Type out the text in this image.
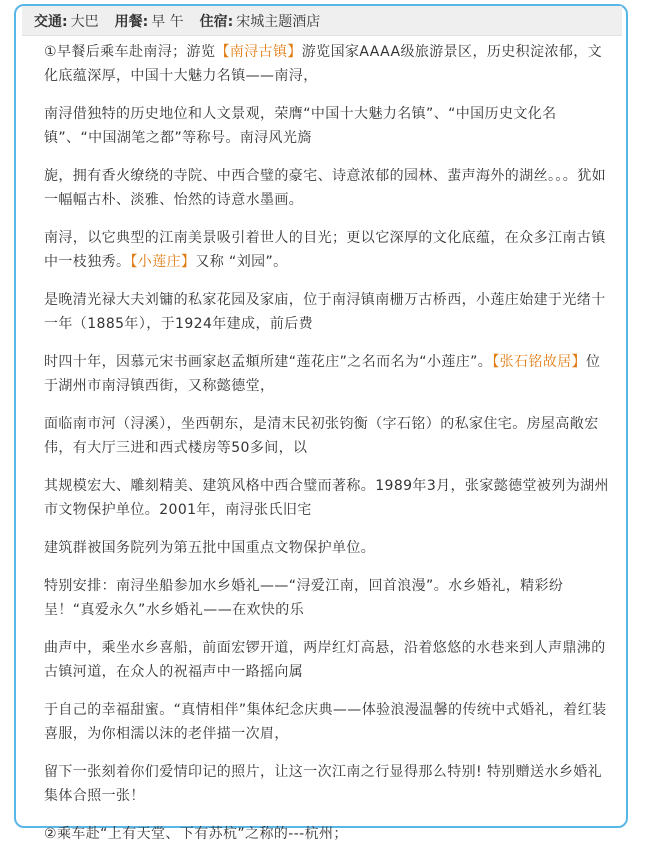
交通: 大巴 用餐: 早 午 住宿: 宋城主题酒店

①早餐后乘车赴南浔；游览【南浔古镇】游览国家AAAA级旅游景区，历史积淀浓郁，文化底蕴深厚，中国十大魅力名镇——南浔，

南浔借独特的历史地位和人文景观，荣膺“中国十大魅力名镇”、“中国历史文化名镇”、“中国湖笔之都”等称号。南浔风光旖

旎，拥有香火缭绕的寺院、中西合璧的豪宅、诗意浓郁的园林、蜚声海外的湖丝。。。犹如一幅幅古朴、淡雅、怡然的诗意水墨画。

南浔，以它典型的江南美景吸引着世人的目光；更以它深厚的文化底蕴，在众多江南古镇中一枝独秀。【小莲庄】又称 “刘园”。

是晚清光禄大夫刘镛的私家花园及家庙，位于南浔镇南栅万古桥西，小莲庄始建于光绪十一年（1885年），于1924年建成，前后费

时四十年，因慕元宋书画家赵孟頫所建“莲花庄”之名而名为“小莲庄”。【张石铭故居】位于湖州市南浔镇西街，又称懿德堂，

面临南市河（浔溪），坐西朝东，是清末民初张钧衡（字石铭）的私家住宅。房屋高敞宏伟，有大厅三进和西式楼房等50多间，以

其规模宏大、雕刻精美、建筑风格中西合璧而著称。1989年3月，张家懿德堂被列为湖州市文物保护单位。2001年，南浔张氏旧宅

建筑群被国务院列为第五批中国重点文物保护单位。

特别安排：南浔坐船参加水乡婚礼——“浔爱江南，回首浪漫”。水乡婚礼，精彩纷呈！“真爱永久”水乡婚礼——在欢快的乐

曲声中，乘坐水乡喜船，前面宏锣开道，两岸红灯高悬，沿着悠悠的水巷来到人声鼎沸的古镇河道，在众人的祝福声中一路摇向属

于自己的幸福甜蜜。“真情相伴”集体纪念庆典——体验浪漫温馨的传统中式婚礼，着红装喜服，为你相濡以沫的老伴描一次眉，

留下一张刻着你们爱情印记的照片，让这一次江南之行显得那么特别! 特别赠送水乡婚礼集体合照一张！

②乘车赴“上有天堂、下有苏杭”之称的---杭州；
